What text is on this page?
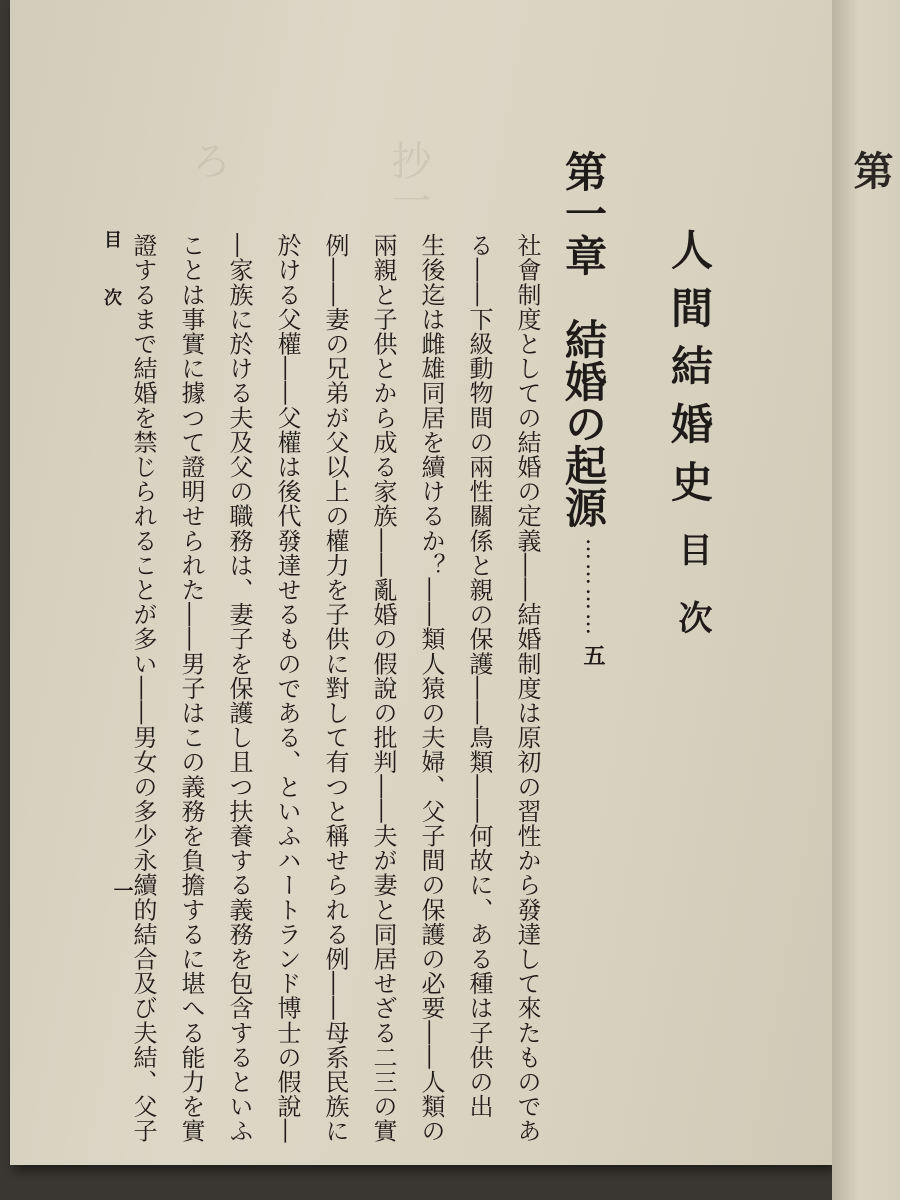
抄一
ろ	第
人間結婚史
目次
第一章　結婚の起源
…………
五
社會制度としての結婚の定義――結婚制度は原初の習性から發達して來たものであ
る――下級動物間の兩性關係と親の保護――鳥類――何故に、ある種は子供の出
生後迄は雌雄同居を續けるか？――類人猿の夫婦、父子間の保護の必要――人類の
兩親と子供とから成る家族――亂婚の假說の批判――夫が妻と同居せざる二三の實
例――妻の兄弟が父以上の權力を子供に對して有つと稱せられる例――母系民族に
於ける父權――父權は後代發達せるものである、といふハートランド博士の假說―
―家族に於ける夫及父の職務は、妻子を保護し且つ扶養する義務を包含するといふ
ことは事實に據つて證明せられた――男子はこの義務を負擔するに堪へる能力を實
證するまで結婚を禁じられることが多い――男女の多少永續的結合及び夫結、父子
目次
一
